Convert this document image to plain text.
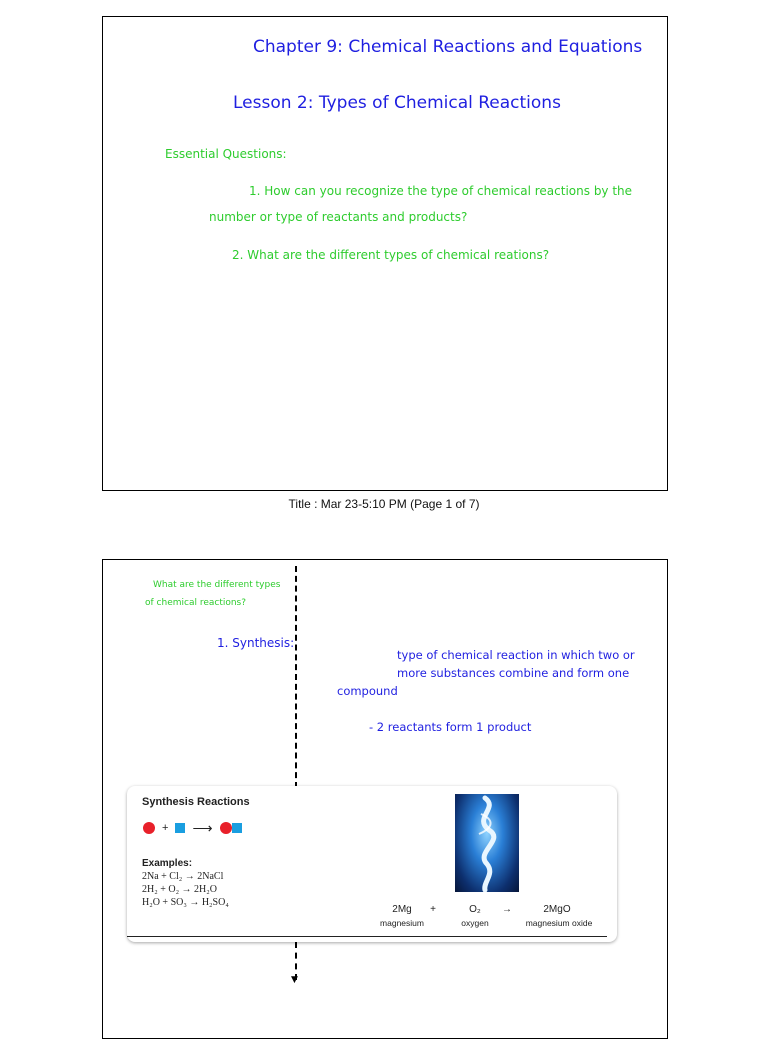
Chapter 9: Chemical Reactions and Equations
Lesson 2: Types of Chemical Reactions
Essential Questions:
1. How can you recognize the type of chemical reactions by the
number or type of reactants and products?
2. What are the different types of chemical reations?
Title : Mar 23-5:10 PM (Page 1 of 7)
What are the different types
of chemical reactions?
1. Synthesis:
type of chemical reaction in which two or
more substances combine and form one
compound
- 2 reactants form 1 product
Synthesis Reactions
+ ⟶
Examples:
2Na + Cl₂ → 2NaCl
2H₂ + O₂ → 2H₂O
H₂O + SO₃ → H₂SO₄
2Mg
magnesium
+	O₂
oxygen
→	2MgO
magnesium oxide
▼
